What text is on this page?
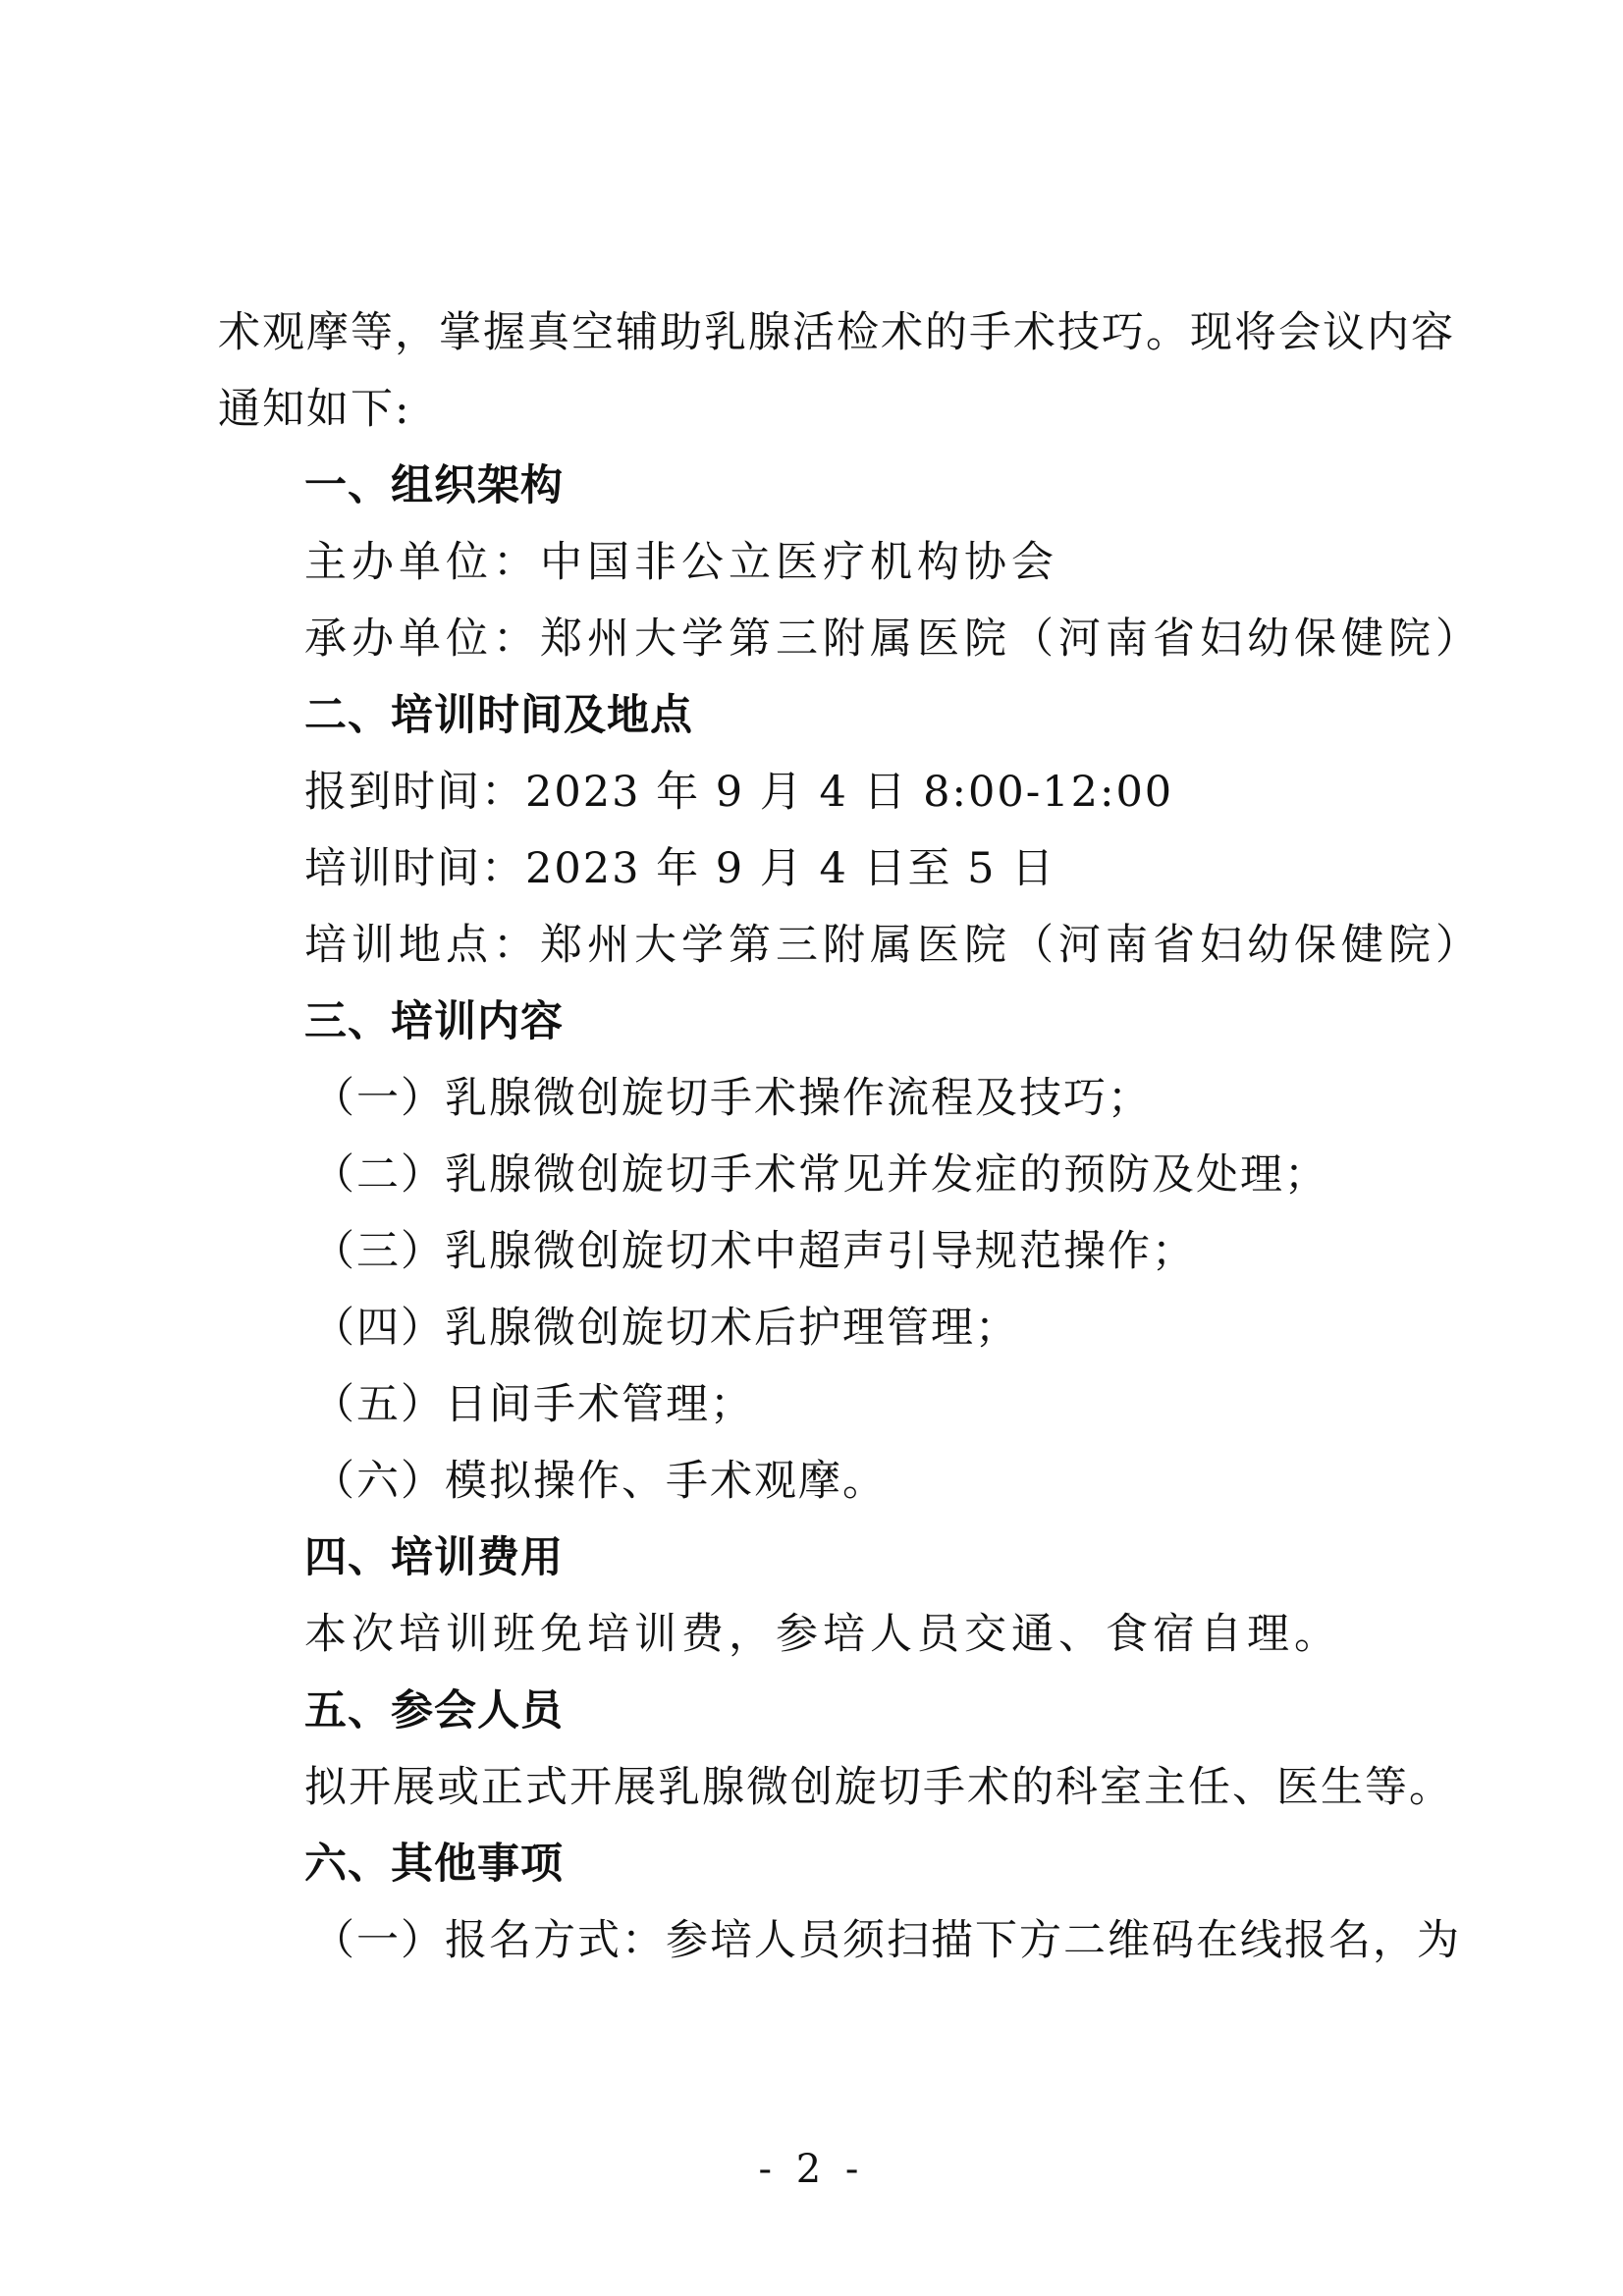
术观摩等，掌握真空辅助乳腺活检术的手术技巧。现将会议内容
通知如下:
一、组织架构
主办单位：中国非公立医疗机构协会
承办单位：郑州大学第三附属医院（河南省妇幼保健院）
二、培训时间及地点
报到时间：2023 年 9 月 4 日 8:00-12:00
培训时间：2023 年 9 月 4 日至 5 日
培训地点：郑州大学第三附属医院（河南省妇幼保健院）
三、培训内容
（一）乳腺微创旋切手术操作流程及技巧；
（二）乳腺微创旋切手术常见并发症的预防及处理；
（三）乳腺微创旋切术中超声引导规范操作；
（四）乳腺微创旋切术后护理管理；
（五）日间手术管理；
（六）模拟操作、手术观摩。
四、培训费用
本次培训班免培训费，参培人员交通、食宿自理。
五、参会人员
拟开展或正式开展乳腺微创旋切手术的科室主任、医生等。
六、其他事项
（一）报名方式：参培人员须扫描下方二维码在线报名，为
- 2 -
